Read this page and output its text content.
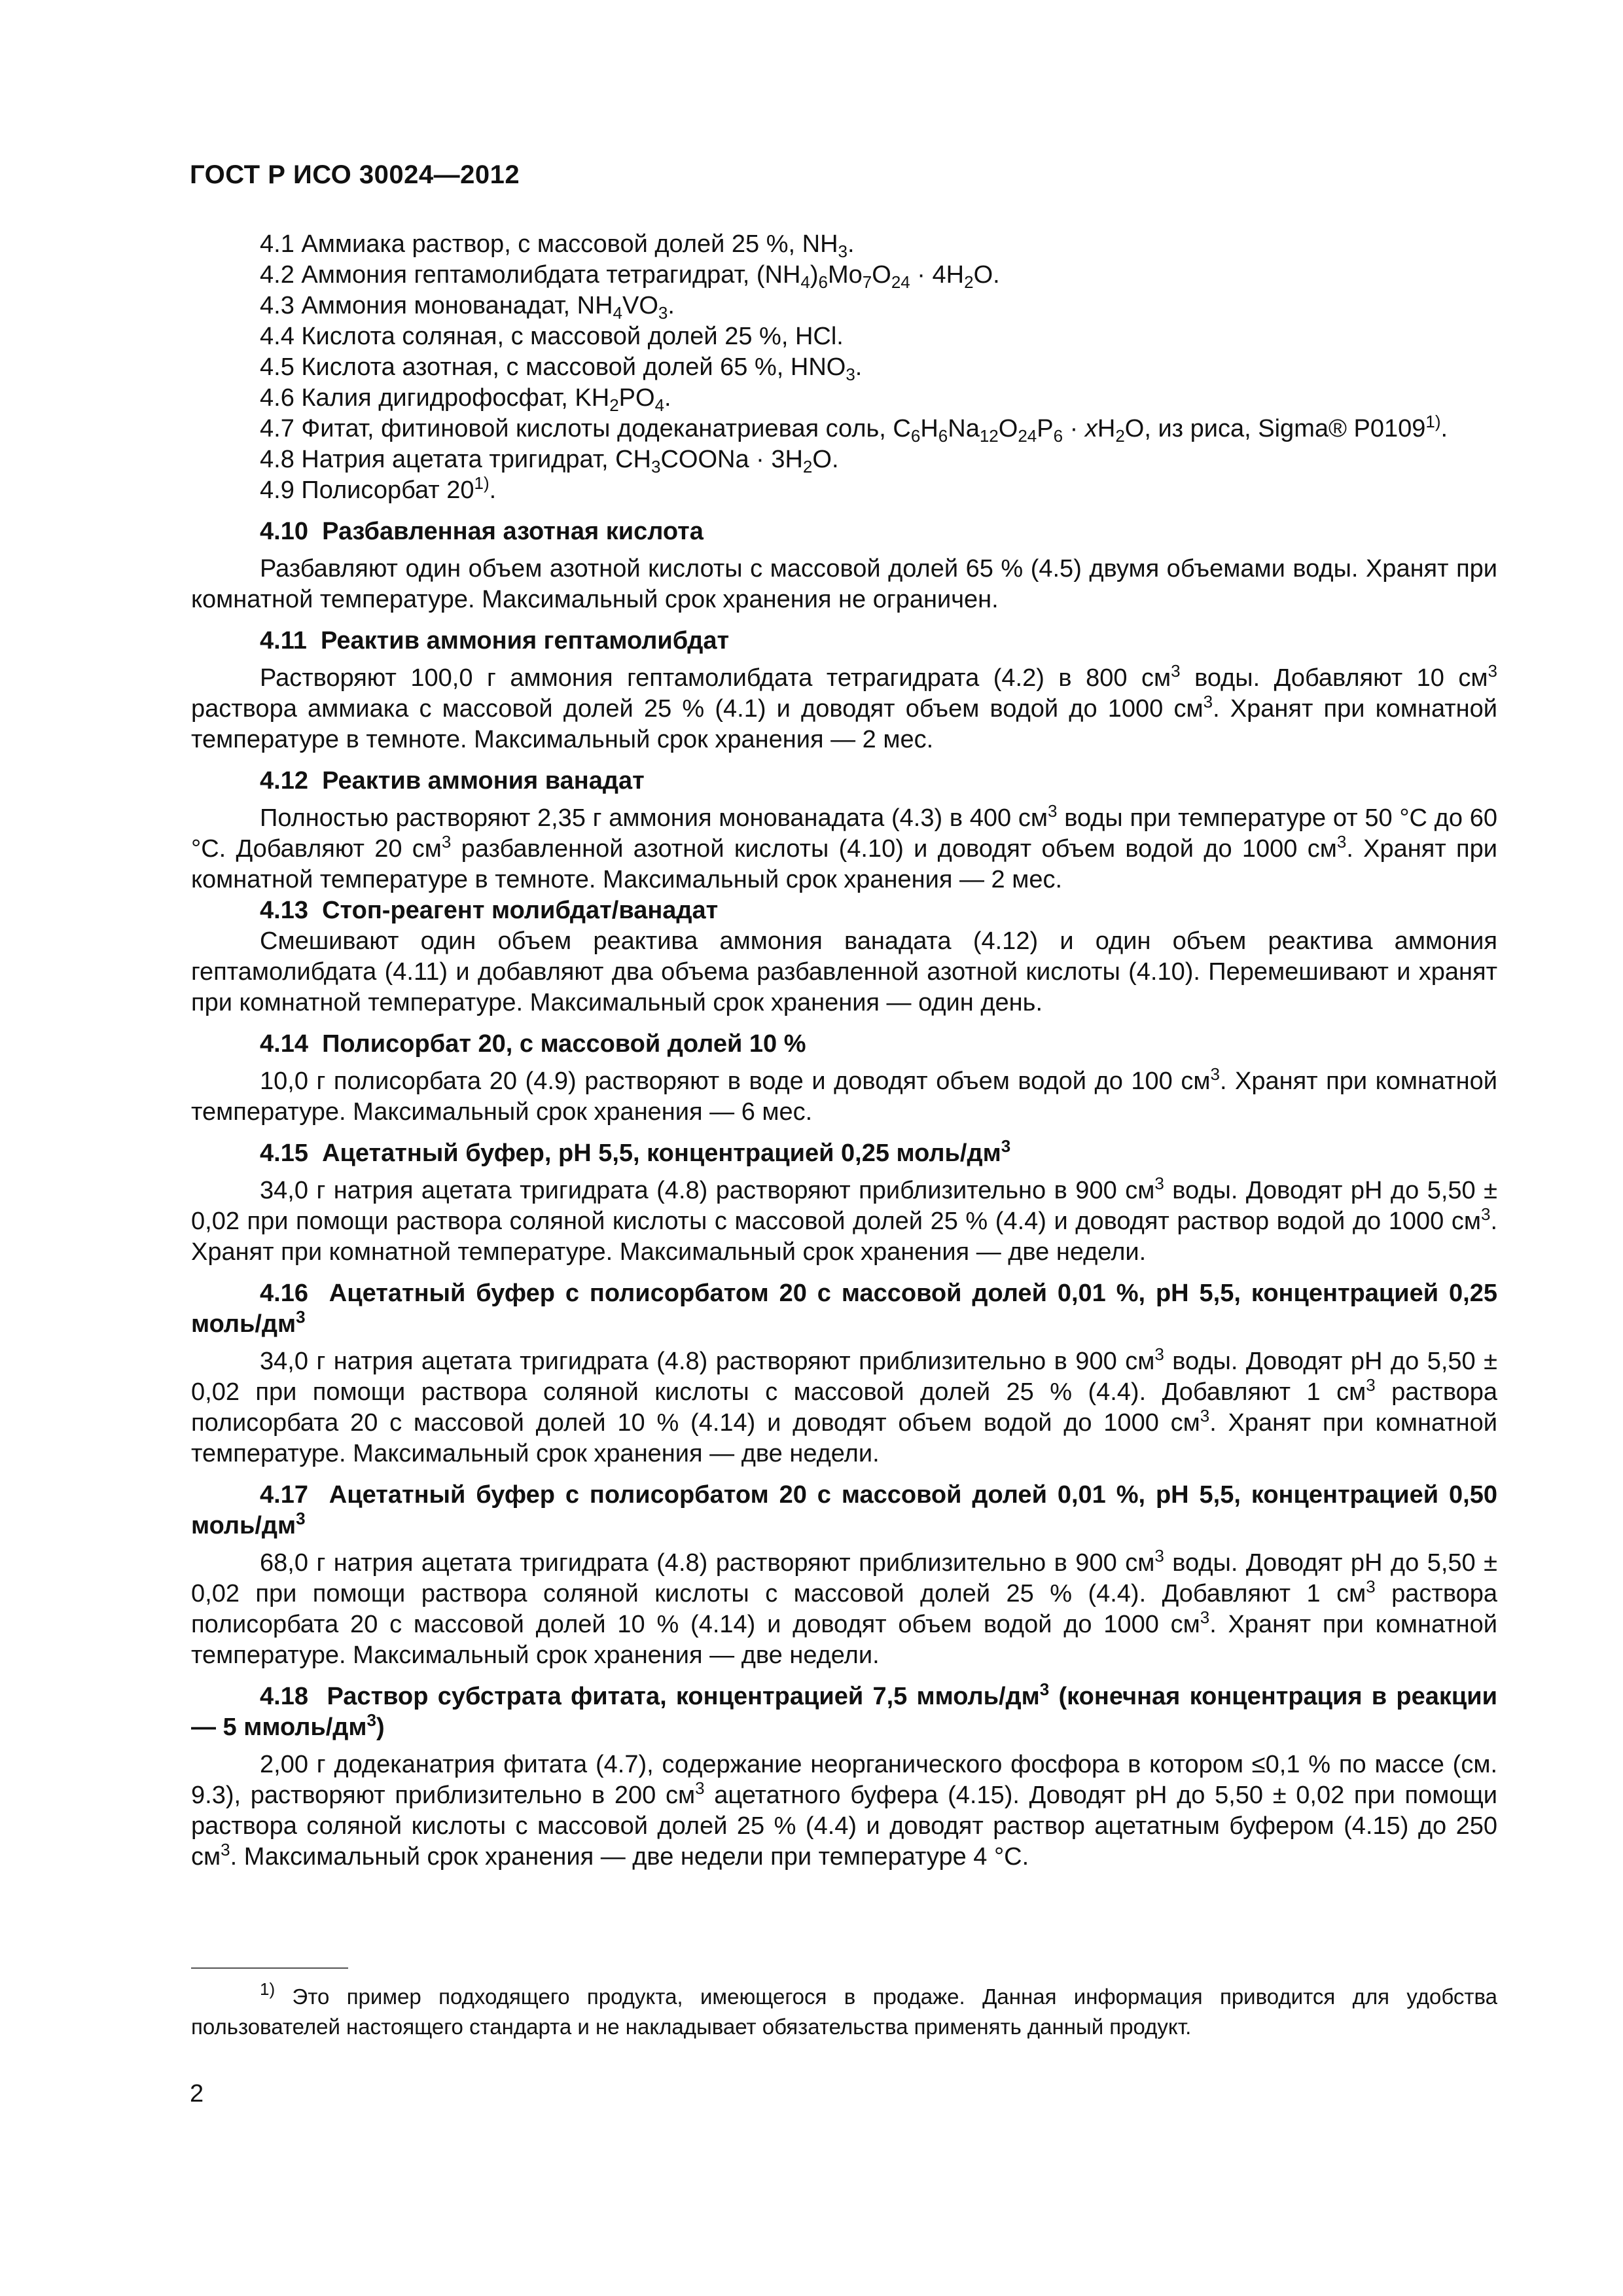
ГОСТ Р ИСО 30024—2012

4.1 Аммиака раствор, с массовой долей 25 %, $NH_3$.

4.2 Аммония гептамолибдата тетрагидрат, $(NH_4)_6Mo_7O_{24} \cdot 4H_2O$.

4.3 Аммония монованадат, $NH_4VO_3$.

4.4 Кислота соляная, с массовой долей 25 %, HCl.

4.5 Кислота азотная, с массовой долей 65 %, $HNO_3$.

4.6 Калия дигидрофосфат, $KH_2PO_4$.

4.7 Фитат, фитиновой кислоты додеканатриевая соль, $C_6H_6Na_{12}O_{24}P_6 \cdot xH_2O$, из риса, Sigma® P0109$^{1)}$.

4.8 Натрия ацетата тригидрат, $CH_3COONa \cdot 3H_2O$.

4.9 Полисорбат 20$^{1)}$.

4.10 Разбавленная азотная кислота

Разбавляют один объем азотной кислоты с массовой долей 65 % (4.5) двумя объемами воды. Хранят при комнатной температуре. Максимальный срок хранения не ограничен.

4.11 Реактив аммония гептамолибдат

Растворяют 100,0 г аммония гептамолибдата тетрагидрата (4.2) в 800 $см^3$ воды. Добавляют 10 $см^3$ раствора аммиака с массовой долей 25 % (4.1) и доводят объем водой до 1000 $см^3$. Хранят при комнатной температуре в темноте. Максимальный срок хранения — 2 мес.

4.12 Реактив аммония ванадат

Полностью растворяют 2,35 г аммония монованадата (4.3) в 400 $см^3$ воды при температуре от 50 °C до 60 °C. Добавляют 20 $см^3$ разбавленной азотной кислоты (4.10) и доводят объем водой до 1000 $см^3$. Хранят при комнатной температуре в темноте. Максимальный срок хранения — 2 мес.

4.13 Стоп-реагент молибдат/ванадат

Смешивают один объем реактива аммония ванадата (4.12) и один объем реактива аммония гептамолибдата (4.11) и добавляют два объема разбавленной азотной кислоты (4.10). Перемешивают и хранят при комнатной температуре. Максимальный срок хранения — один день.

4.14 Полисорбат 20, с массовой долей 10 %

10,0 г полисорбата 20 (4.9) растворяют в воде и доводят объем водой до 100 $см^3$. Хранят при комнатной температуре. Максимальный срок хранения — 6 мес.

4.15  Ацетатный буфер, pH 5,5, концентрацией 0,25 моль/$дм^3$

34,0 г натрия ацетата тригидрата (4.8) растворяют приблизительно в 900 $см^3$ воды. Доводят pH до 5,50 ± 0,02 при помощи раствора соляной кислоты с массовой долей 25 % (4.4) и доводят раствор водой до 1000 $см^3$. Хранят при комнатной температуре. Максимальный срок хранения — две недели.

4.16  Ацетатный буфер с полисорбатом 20 с массовой долей 0,01 %, pH 5,5, концентрацией 0,25 моль/$дм^3$

34,0 г натрия ацетата тригидрата (4.8) растворяют приблизительно в 900 $см^3$ воды. Доводят pH до 5,50 ± 0,02 при помощи раствора соляной кислоты с массовой долей 25 % (4.4). Добавляют 1 $см^3$ раствора полисорбата 20 с массовой долей 10 % (4.14) и доводят объем водой до 1000 $см^3$. Хранят при комнатной температуре. Максимальный срок хранения — две недели.

4.17  Ацетатный буфер с полисорбатом 20 с массовой долей 0,01 %, pH 5,5, концентрацией 0,50 моль/$дм^3$

68,0 г натрия ацетата тригидрата (4.8) растворяют приблизительно в 900 $см^3$ воды. Доводят pH до 5,50 ± 0,02 при помощи раствора соляной кислоты с массовой долей 25 % (4.4). Добавляют 1 $см^3$ раствора полисорбата 20 с массовой долей 10 % (4.14) и доводят объем водой до 1000 $см^3$. Хранят при комнатной температуре. Максимальный срок хранения — две недели.

4.18  Раствор субстрата фитата, концентрацией 7,5 ммоль/$дм^3$ (конечная концентрация в реакции — 5 ммоль/$дм^3$)

2,00 г додеканатрия фитата (4.7), содержание неорганического фосфора в котором ≤0,1 % по массе (см. 9.3), растворяют приблизительно в 200 $см^3$ ацетатного буфера (4.15). Доводят pH до 5,50 ± 0,02 при помощи раствора соляной кислоты с массовой долей 25 % (4.4) и доводят раствор ацетатным буфером (4.15) до 250 $см^3$. Максимальный срок хранения — две недели при температуре 4 °C.

$^{1)}$ Это пример подходящего продукта, имеющегося в продаже. Данная информация приводится для удобства пользователей настоящего стандарта и не накладывает обязательства применять данный продукт.

2
